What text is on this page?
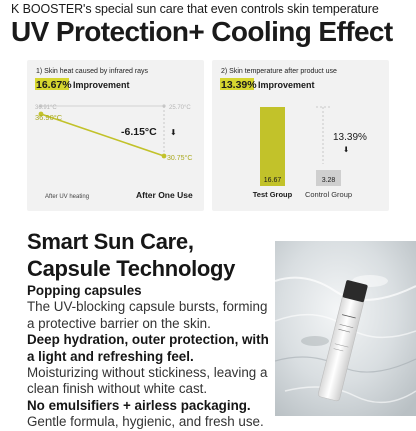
K BOOSTER's special sun care that even controls skin temperature
UV Protection+ Cooling Effect
1) Skin heat caused by infrared rays
16.67% Improvement
36.91°C	25.70°C
36.90°C
30.75°C
-6.15°C ⬇
After UV heating	After One Use
2) Skin temperature after product use
13.39% Improvement
16.67	3.28
13.39%
⬇
Test Group Control Group
Smart Sun Care,
Capsule Technology
Popping capsules
The UV-blocking capsule bursts, forming a protective barrier on the skin.
Deep hydration, outer protection, with a light and refreshing feel.
Moisturizing without stickiness, leaving a clean finish without white cast.
No emulsifiers + airless packaging.
Gentle formula, hygienic, and fresh use.
